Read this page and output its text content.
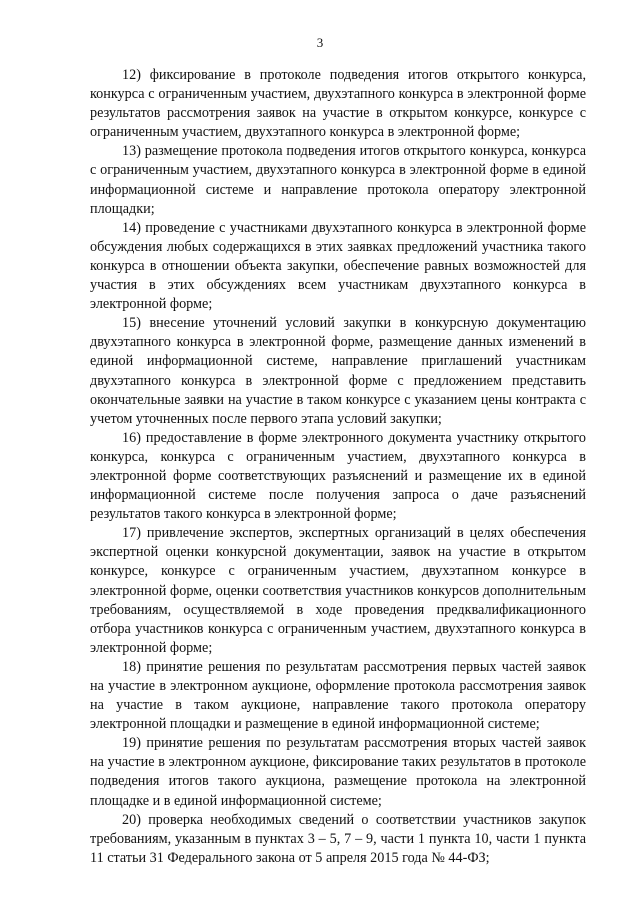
3

12) фиксирование в протоколе подведения итогов открытого конкурса, конкурса с ограниченным участием, двухэтапного конкурса в электронной форме результатов рассмотрения заявок на участие в открытом конкурсе, конкурсе с ограниченным участием, двухэтапного конкурса в электронной форме;

13) размещение протокола подведения итогов открытого конкурса, конкурса с ограниченным участием, двухэтапного конкурса в электронной форме в единой информационной системе и направление протокола оператору электронной площадки;

14) проведение с участниками двухэтапного конкурса в электронной форме обсуждения любых содержащихся в этих заявках предложений участника такого конкурса в отношении объекта закупки, обеспечение равных возможностей для участия в этих обсуждениях всем участникам двухэтапного конкурса в электронной форме;

15) внесение уточнений условий закупки в конкурсную документацию двухэтапного конкурса в электронной форме, размещение данных изменений в единой информационной системе, направление приглашений участникам двухэтапного конкурса в электронной форме с предложением представить окончательные заявки на участие в таком конкурсе с указанием цены контракта с учетом уточненных после первого этапа условий закупки;

16) предоставление в форме электронного документа участнику открытого конкурса, конкурса с ограниченным участием, двухэтапного конкурса в электронной форме соответствующих разъяснений и размещение их в единой информационной системе после получения запроса о даче разъяснений результатов такого конкурса в электронной форме;

17) привлечение экспертов, экспертных организаций в целях обеспечения экспертной оценки конкурсной документации, заявок на участие в открытом конкурсе, конкурсе с ограниченным участием, двухэтапном конкурсе в электронной форме, оценки соответствия участников конкурсов дополнительным требованиям, осуществляемой в ходе проведения предквалификационного отбора участников конкурса с ограниченным участием, двухэтапного конкурса в электронной форме;

18) принятие решения по результатам рассмотрения первых частей заявок на участие в электронном аукционе, оформление протокола рассмотрения заявок на участие в таком аукционе, направление такого протокола оператору электронной площадки и размещение в единой информационной системе;

19) принятие решения по результатам рассмотрения вторых частей заявок на участие в электронном аукционе, фиксирование таких результатов в протоколе подведения итогов такого аукциона, размещение протокола на электронной площадке и в единой информационной системе;

20) проверка необходимых сведений о соответствии участников закупок требованиям, указанным в пунктах 3 – 5, 7 – 9, части 1 пункта 10, части 1 пункта 11 статьи 31 Федерального закона от 5 апреля 2015 года № 44-ФЗ;
